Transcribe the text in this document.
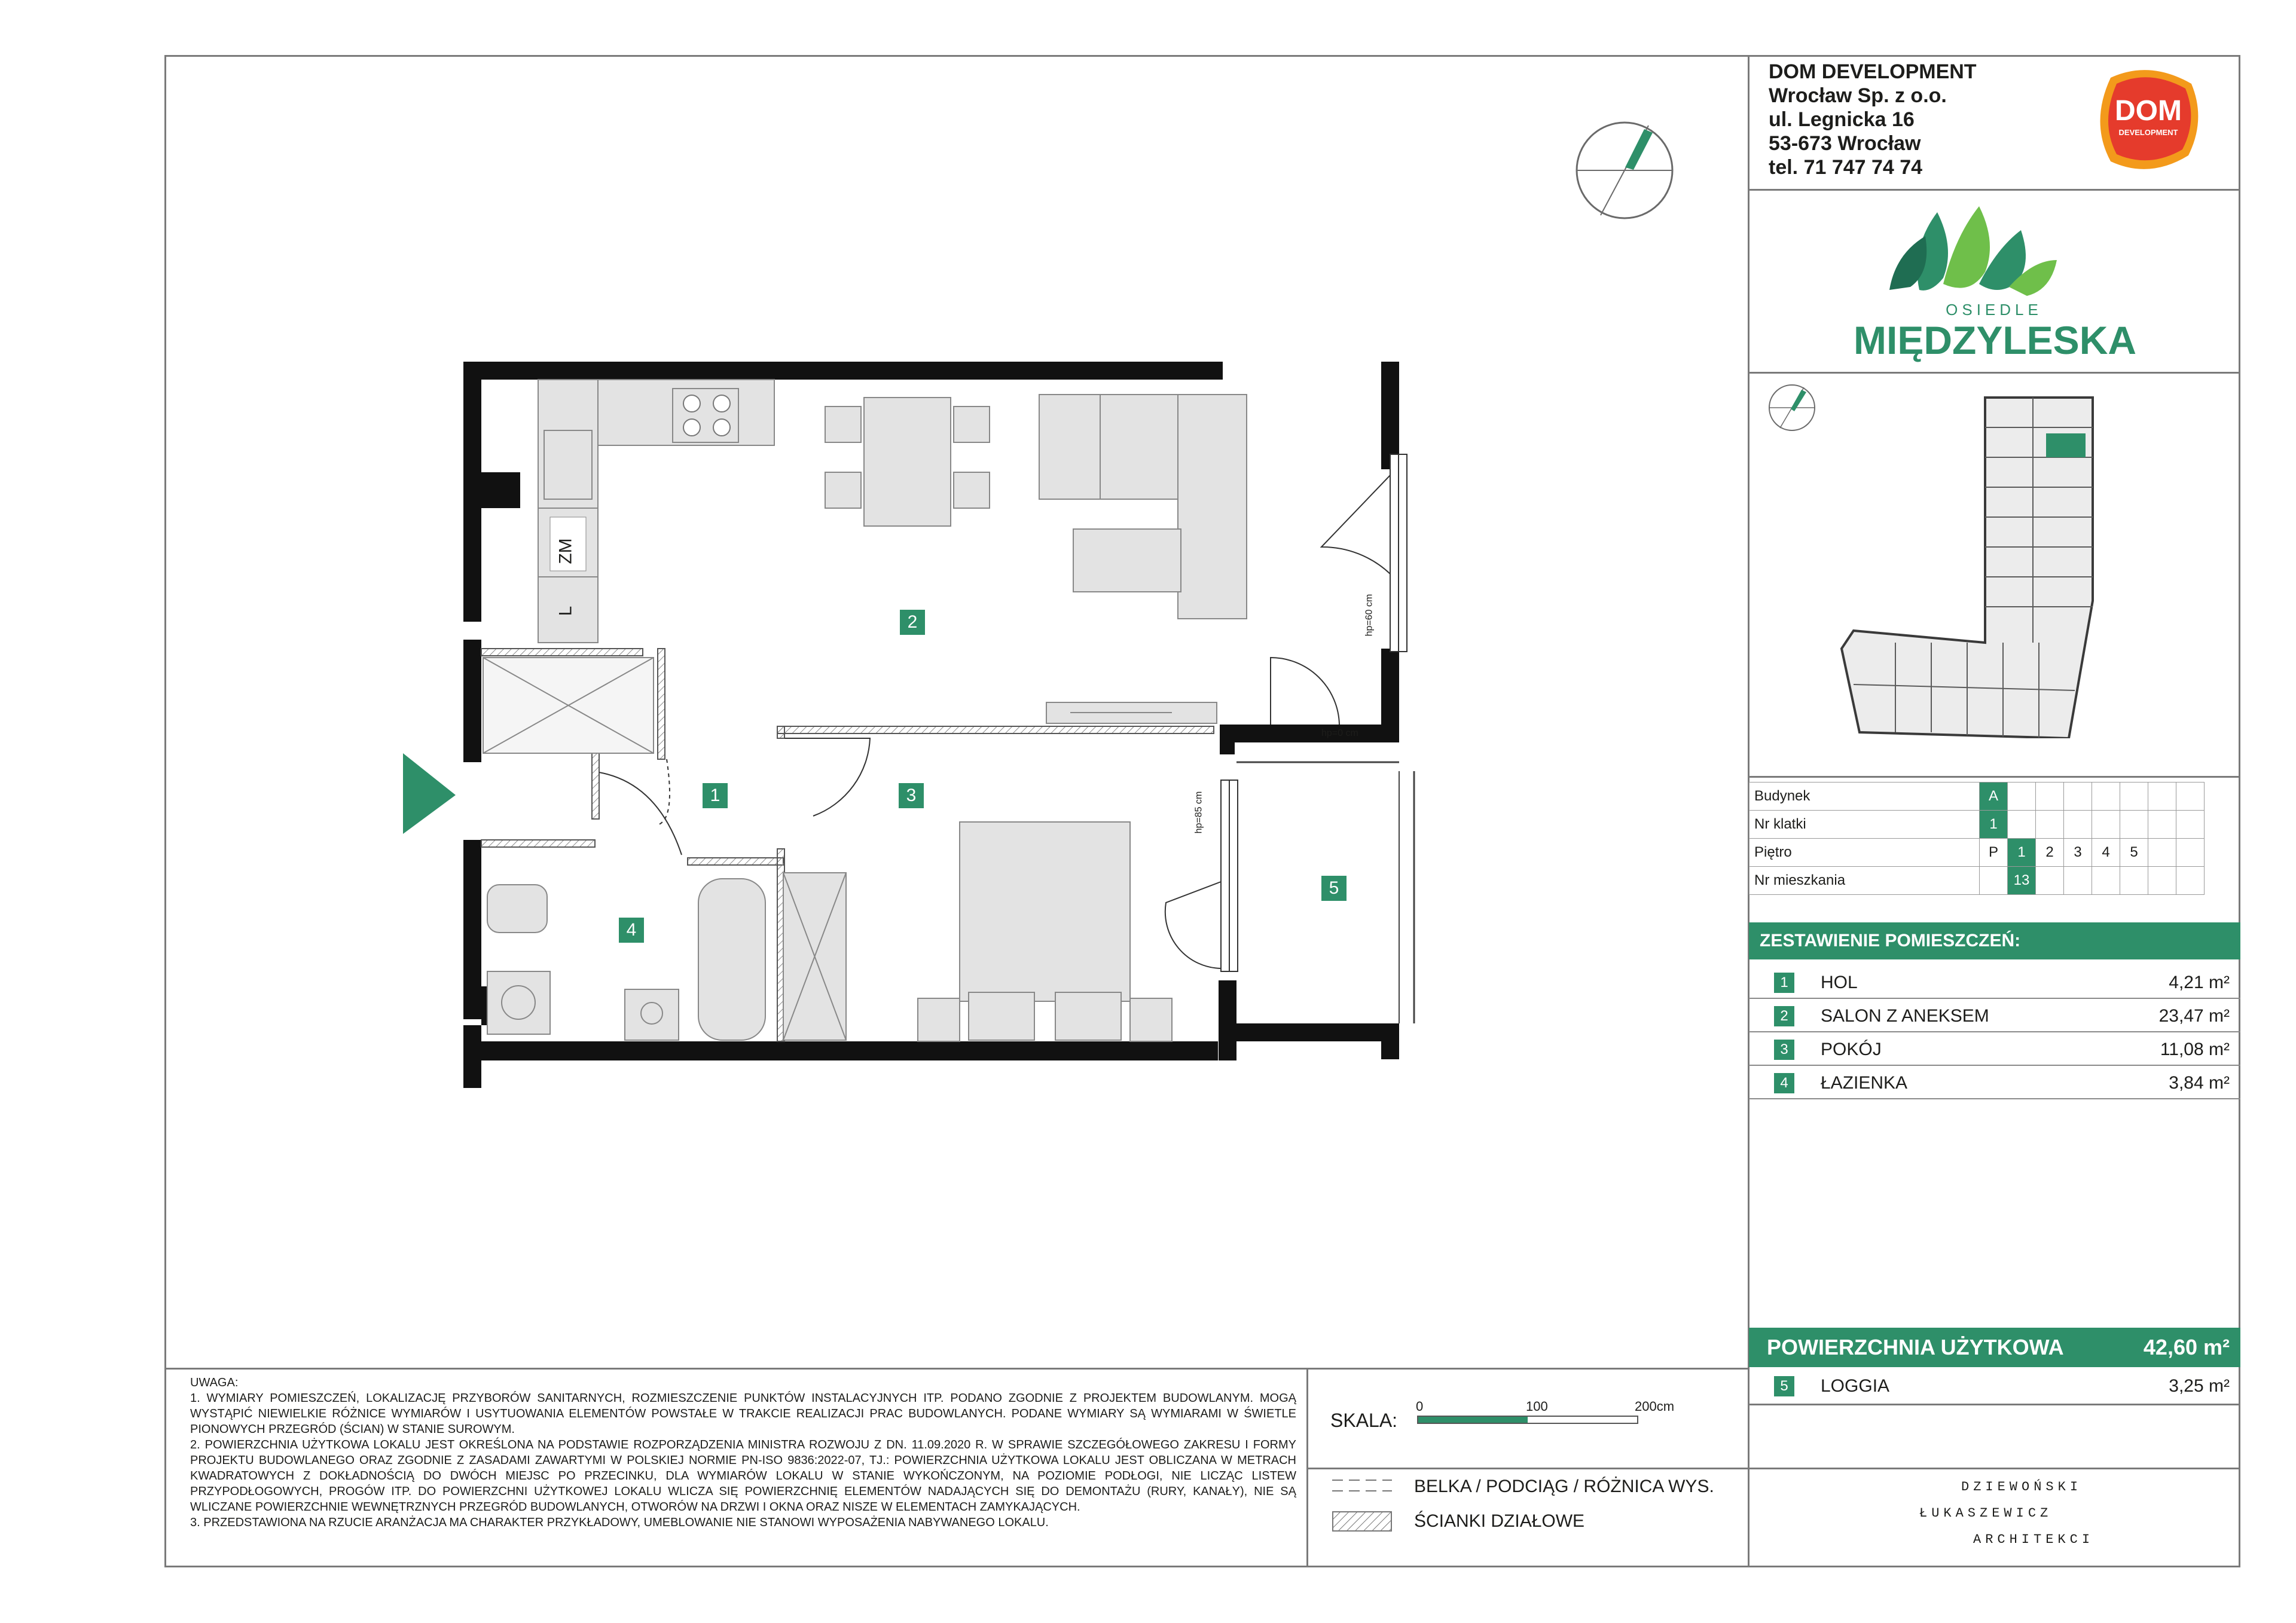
DOM DEVELOPMENT
Wrocław Sp. z o.o.
ul. Legnicka 16
53-673 Wrocław
tel. 71 747 74 74
DOM
DEVELOPMENT
OSIEDLE
MIĘDZYLESKA
Budynek	A							
Nr klatki	1							
Piętro	P	1	2	3	4	5		
Nr mieszkania		13						
ZESTAWIENIE POMIESZCZEŃ:
1	HOL	4,21 m²
2	SALON Z ANEKSEM	23,47 m²
3	POKÓJ	11,08 m²
4	ŁAZIENKA	3,84 m²
POWIERZCHNIA UŻYTKOWA	42,60 m²
5	LOGGIA	3,25 m²
DZIEWOŃSKI
ŁUKASZEWICZ
ARCHITEKCI

UWAGA:

1. WYMIARY POMIESZCZEŃ, LOKALIZACJĘ PRZYBORÓW SANITARNYCH, ROZMIESZCZENIE PUNKTÓW INSTALACYJNYCH ITP. PODANO ZGODNIE Z PROJEKTEM BUDOWLANYM. MOGĄ WYSTĄPIĆ NIEWIELKIE RÓŻNICE WYMIARÓW I USYTUOWANIA ELEMENTÓW POWSTAŁE W TRAKCIE REALIZACJI PRAC BUDOWLANYCH. PODANE WYMIARY SĄ WYMIARAMI W ŚWIETLE PIONOWYCH PRZEGRÓD (ŚCIAN) W STANIE SUROWYM.

2. POWIERZCHNIA UŻYTKOWA LOKALU JEST OKREŚLONA NA PODSTAWIE ROZPORZĄDZENIA MINISTRA ROZWOJU Z DN. 11.09.2020 R. W SPRAWIE SZCZEGÓŁOWEGO ZAKRESU I FORMY PROJEKTU BUDOWLANEGO ORAZ ZGODNIE Z ZASADAMI ZAWARTYMI W POLSKIEJ NORMIE PN-ISO 9836:2022-07, TJ.: POWIERZCHNIA UŻYTKOWA LOKALU JEST OBLICZANA W METRACH KWADRATOWYCH Z DOKŁADNOŚCIĄ DO DWÓCH MIEJSC PO PRZECINKU, DLA WYMIARÓW LOKALU W STANIE WYKOŃCZONYM, NA POZIOMIE PODŁOGI, NIE LICZĄC LISTEW PRZYPODŁOGOWYCH, PROGÓW ITP. DO POWIERZCHNI UŻYTKOWEJ LOKALU WLICZA SIĘ POWIERZCHNIĘ ELEMENTÓW NADAJĄCYCH SIĘ DO DEMONTAŻU (RURY, KANAŁY), NIE SĄ WLICZANE POWIERZCHNIE WEWNĘTRZNYCH PRZEGRÓD BUDOWLANYCH, OTWORÓW NA DRZWI I OKNA ORAZ NISZE W ELEMENTACH ZAMYKAJĄCYCH.

3. PRZEDSTAWIONA NA RZUCIE ARANŻACJA MA CHARAKTER PRZYKŁADOWY, UMEBLOWANIE NIE STANOWI WYPOSAŻENIA NABYWANEGO LOKALU.

SKALA:
0	100	200cm
BELKA / PODCIĄG / RÓŻNICA WYS.
ŚCIANKI DZIAŁOWE
2
1	3
4
5
ZM
L	hp=60 cm
hp=0 cm
hp=85 cm
